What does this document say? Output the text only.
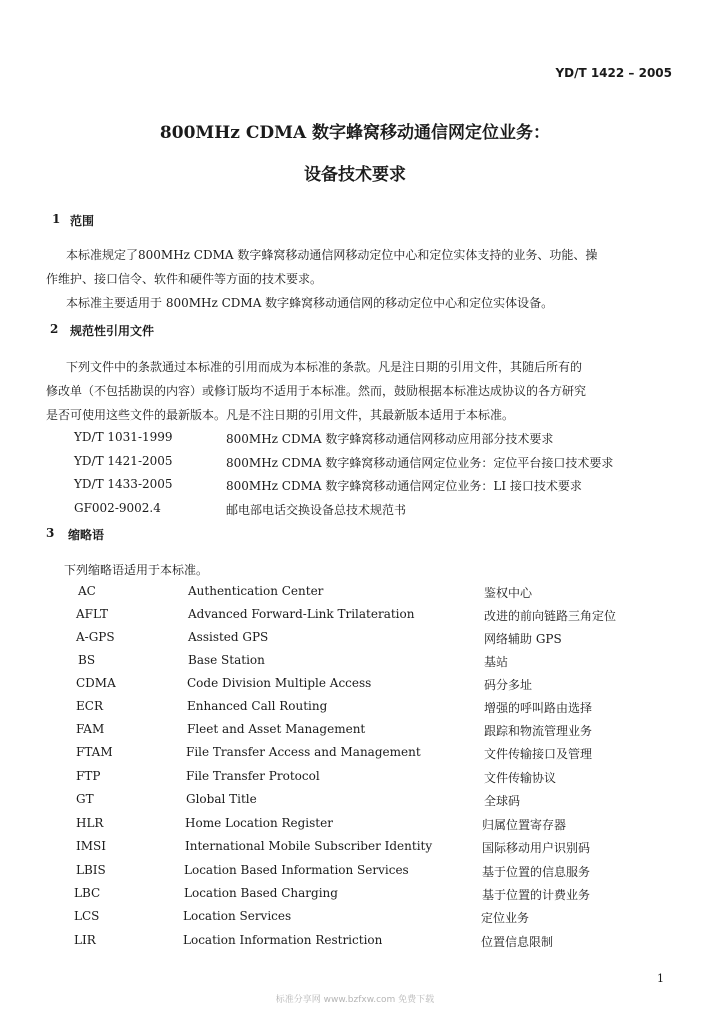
YD/T 1422 – 2005
800MHz CDMA 数字蜂窝移动通信网定位业务：
设备技术要求
1 范围
本标准规定了800MHz CDMA 数字蜂窝移动通信网移动定位中心和定位实体支持的业务、功能、操
作维护、接口信令、软件和硬件等方面的技术要求。
本标准主要适用于 800MHz CDMA 数字蜂窝移动通信网的移动定位中心和定位实体设备。
2 规范性引用文件
下列文件中的条款通过本标准的引用而成为本标准的条款。凡是注日期的引用文件，其随后所有的
修改单（不包括勘误的内容）或修订版均不适用于本标准。然而，鼓励根据本标准达成协议的各方研究
是否可使用这些文件的最新版本。凡是不注日期的引用文件，其最新版本适用于本标准。
YD/T 1031-1999	800MHz CDMA 数字蜂窝移动通信网移动应用部分技术要求
YD/T 1421-2005	800MHz CDMA 数字蜂窝移动通信网定位业务：定位平台接口技术要求
YD/T 1433-2005	800MHz CDMA 数字蜂窝移动通信网定位业务：LI 接口技术要求
GF002-9002.4	邮电部电话交换设备总技术规范书
3 缩略语
下列缩略语适用于本标准。
AC	Authentication Center	鉴权中心
AFLT	Advanced Forward-Link Trilateration	改进的前向链路三角定位
A-GPS	Assisted GPS	网络辅助 GPS
BS	Base Station	基站
CDMA	Code Division Multiple Access	码分多址
ECR	Enhanced Call Routing	增强的呼叫路由选择
FAM	Fleet and Asset Management	跟踪和物流管理业务
FTAM	File Transfer Access and Management	文件传输接口及管理
FTP	File Transfer Protocol	文件传输协议
GT	Global Title	全球码
HLR	Home Location Register	归属位置寄存器
IMSI	International Mobile Subscriber Identity	国际移动用户识别码
LBIS	Location Based Information Services	基于位置的信息服务
LBC	Location Based Charging	基于位置的计费业务
LCS	Location Services	定位业务
LIR	Location Information Restriction	位置信息限制
1
标准分享网 www.bzfxw.com 免费下载
